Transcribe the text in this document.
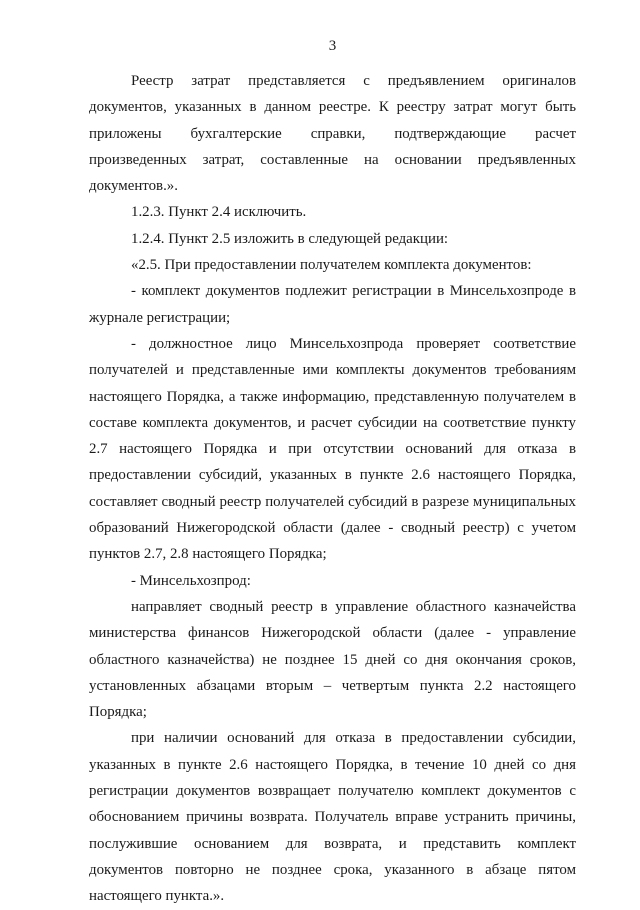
3

Реестр затрат представляется с предъявлением оригиналов документов, указанных в данном реестре. К реестру затрат могут быть приложены бухгалтерские справки, подтверждающие расчет произведенных затрат, составленные на основании предъявленных документов.».

1.2.3. Пункт 2.4 исключить.

1.2.4. Пункт 2.5 изложить в следующей редакции:

«2.5. При предоставлении получателем комплекта документов:

- комплект документов подлежит регистрации в Минсельхозпроде в журнале регистрации;

- должностное лицо Минсельхозпрода проверяет соответствие получателей и представленные ими комплекты документов требованиям настоящего Порядка, а также информацию, представленную получателем в составе комплекта документов, и расчет субсидии на соответствие пункту 2.7 настоящего Порядка и при отсутствии оснований для отказа в предоставлении субсидий, указанных в пункте 2.6 настоящего Порядка, составляет сводный реестр получателей субсидий в разрезе муниципальных образований Нижегородской области (далее - сводный реестр) с учетом пунктов 2.7, 2.8 настоящего Порядка;

- Минсельхозпрод:

направляет сводный реестр в управление областного казначейства министерства финансов Нижегородской области (далее - управление областного казначейства) не позднее 15 дней со дня окончания сроков, установленных абзацами вторым – четвертым пункта 2.2 настоящего Порядка;

при наличии оснований для отказа в предоставлении субсидии, указанных в пункте 2.6 настоящего Порядка, в течение 10 дней со дня регистрации документов возвращает получателю комплект документов с обоснованием причины возврата. Получатель вправе устранить причины, послужившие основанием для возврата, и представить комплект документов повторно не позднее срока, указанного в абзаце пятом настоящего пункта.».
